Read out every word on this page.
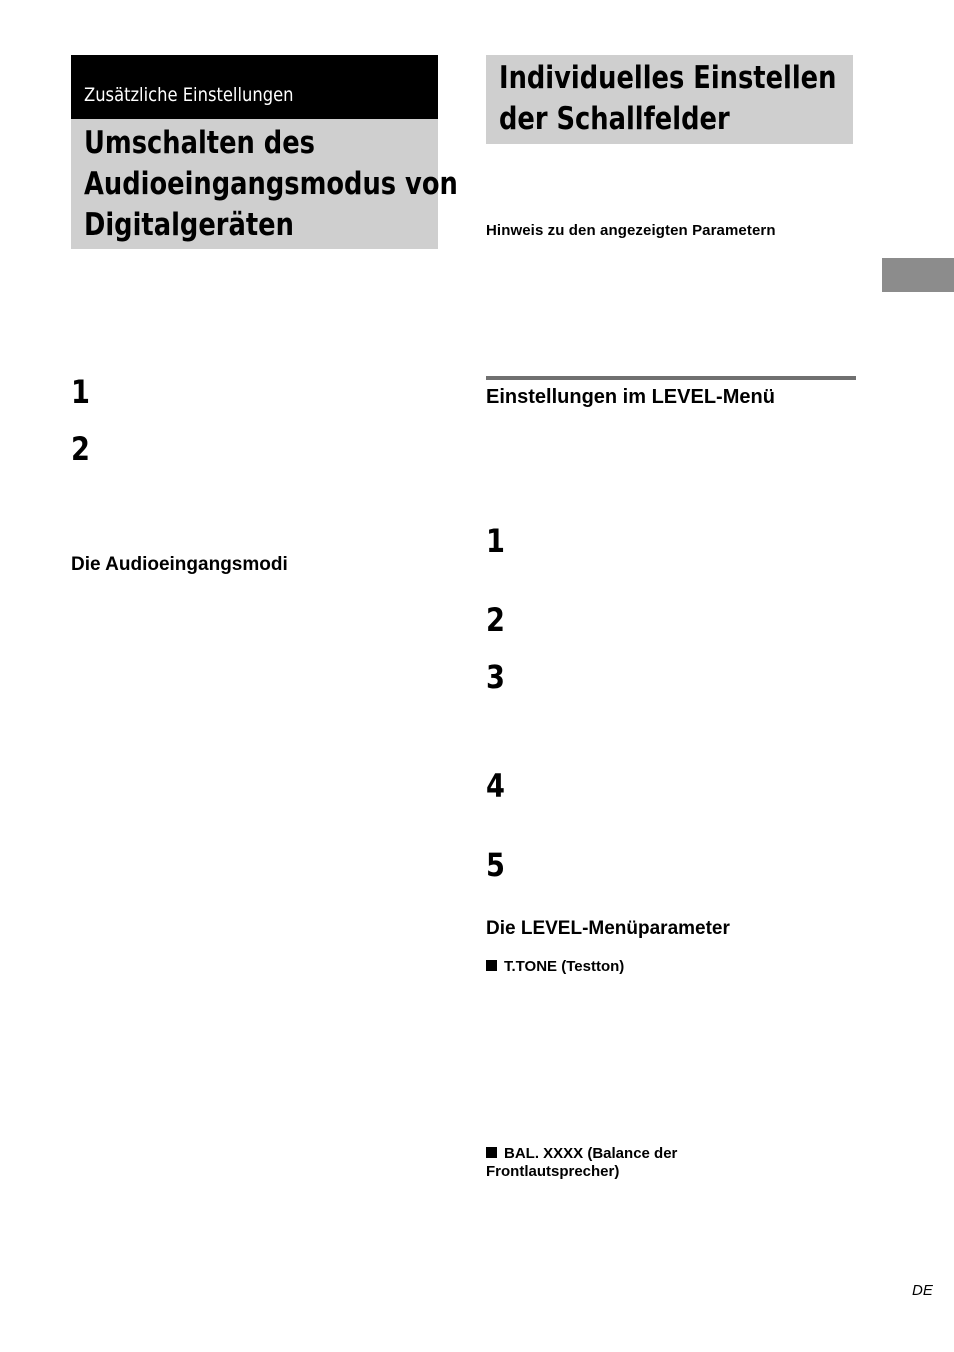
Zusätzliche Einstellungen
Umschalten des
Audioeingangsmodus von
Digitalgeräten
1
2
Die Audioeingangsmodi
Individuelles Einstellen
der Schallfelder
Hinweis zu den angezeigten Parametern
Einstellungen im LEVEL-Menü
1
2
3
4
5
Die LEVEL-Menüparameter
T.TONE (Testton)
BAL. XXXX (Balance der
Frontlautsprecher)
DE
